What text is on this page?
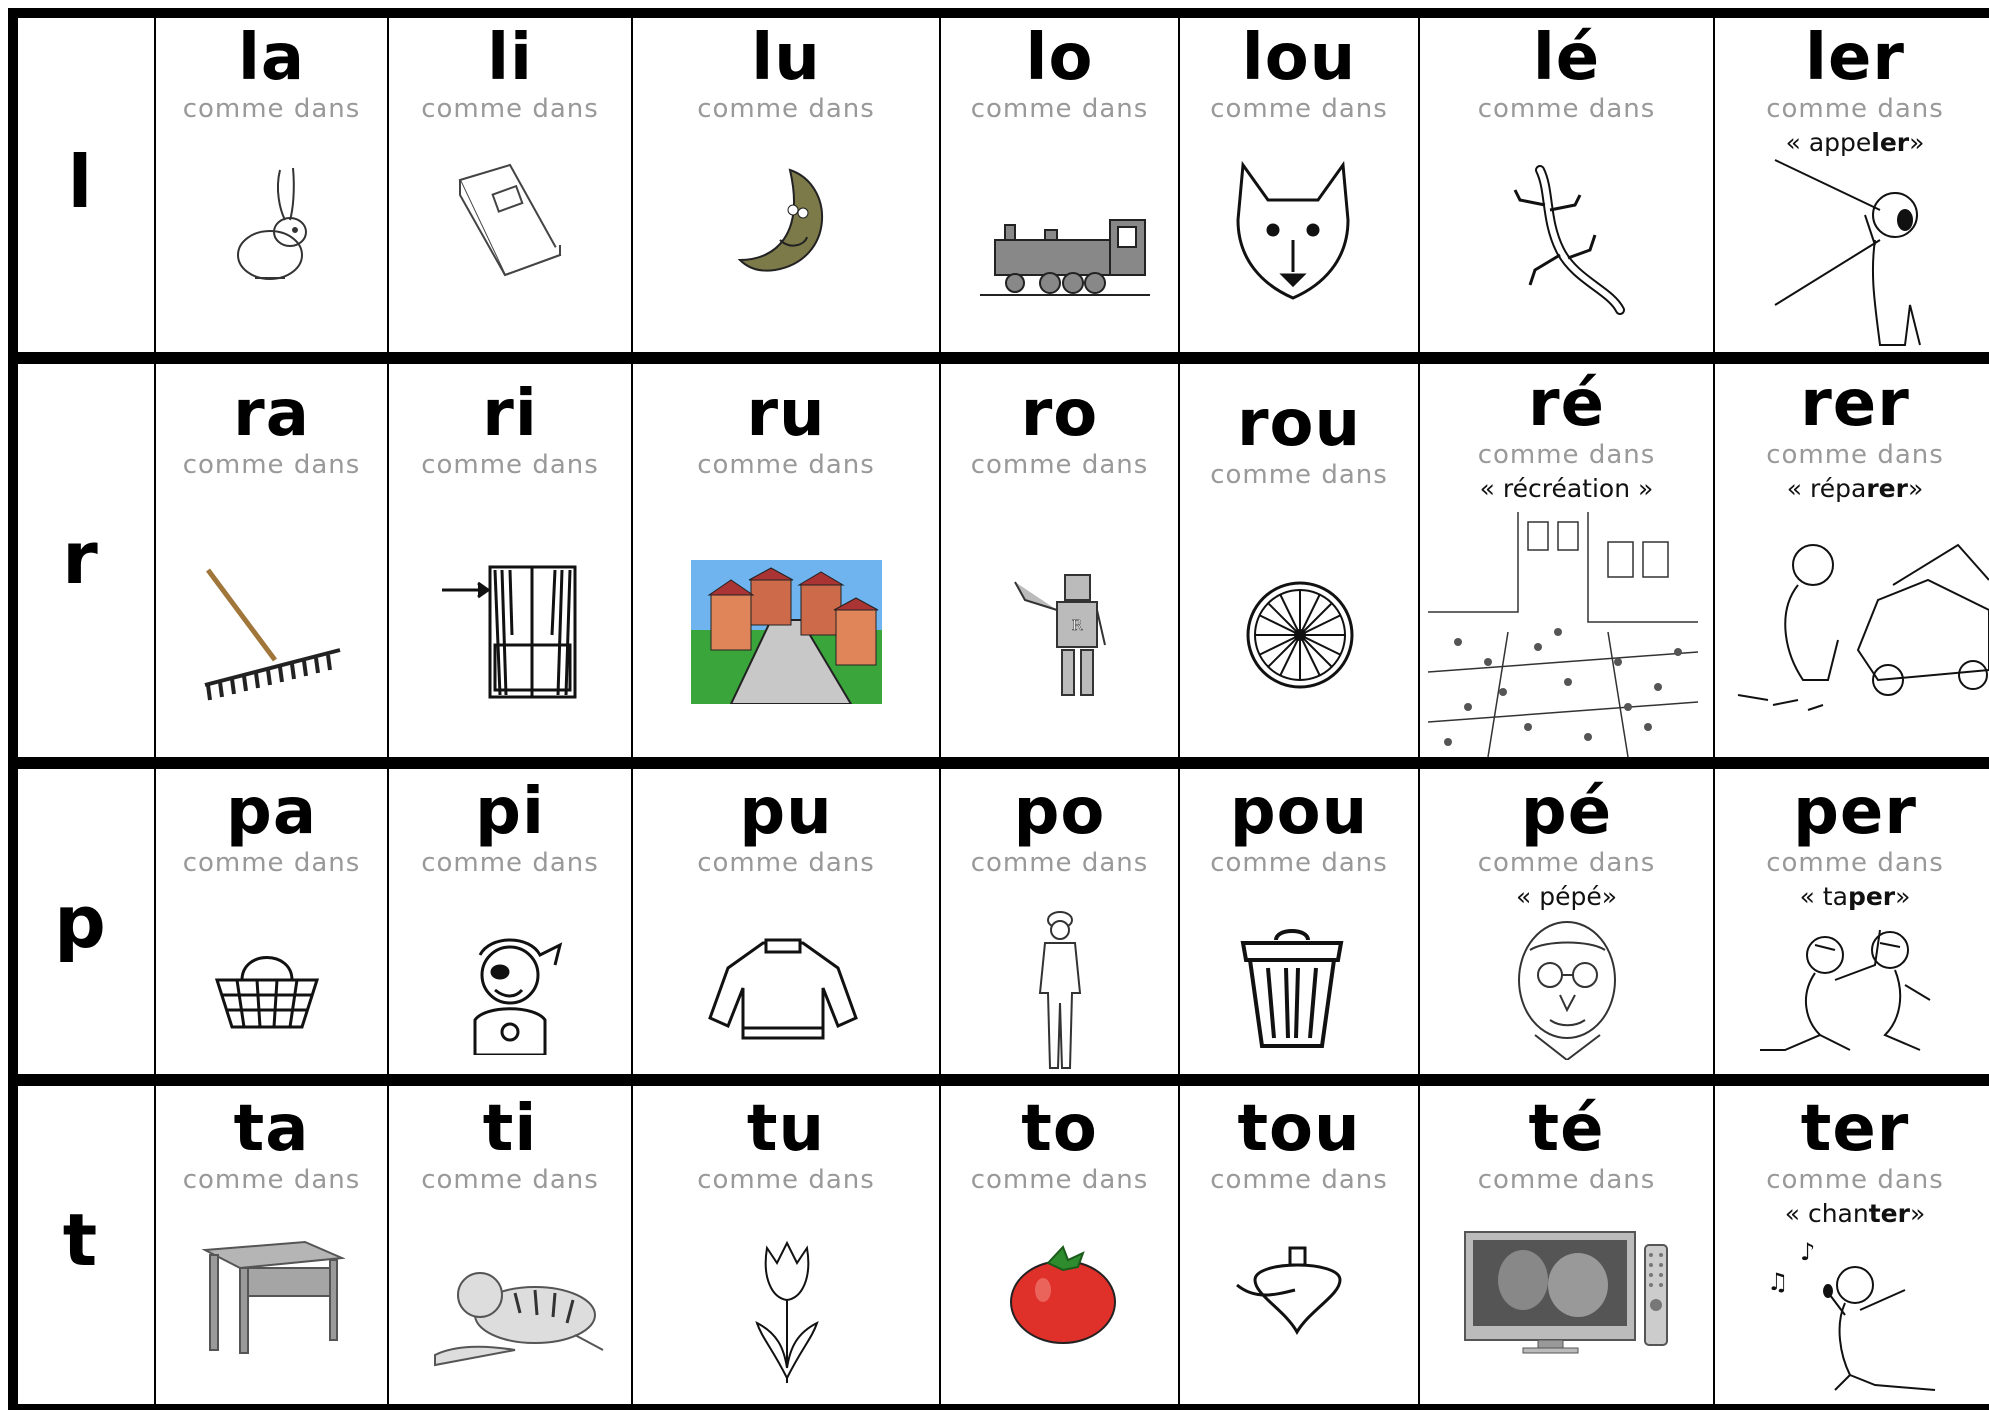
l
r
p
t
la
comme dans
li
comme dans
lu
comme dans
lo
comme dans
lou
comme dans
lé
comme dans
ler
comme dans
« appeler»
ra
comme dans
ri
comme dans
ru
comme dans
ro
comme dans
R
rou
comme dans
ré
comme dans
« récréation »
rer
comme dans
« réparer»
pa
comme dans
pi
comme dans
pu
comme dans
po
comme dans
pou
comme dans
pé
comme dans
« pépé»
per
comme dans
« taper»
ta
comme dans
ti
comme dans
tu
comme dans
to
comme dans
tou
comme dans
té
comme dans
ter
comme dans
« chanter»
♪
♫
